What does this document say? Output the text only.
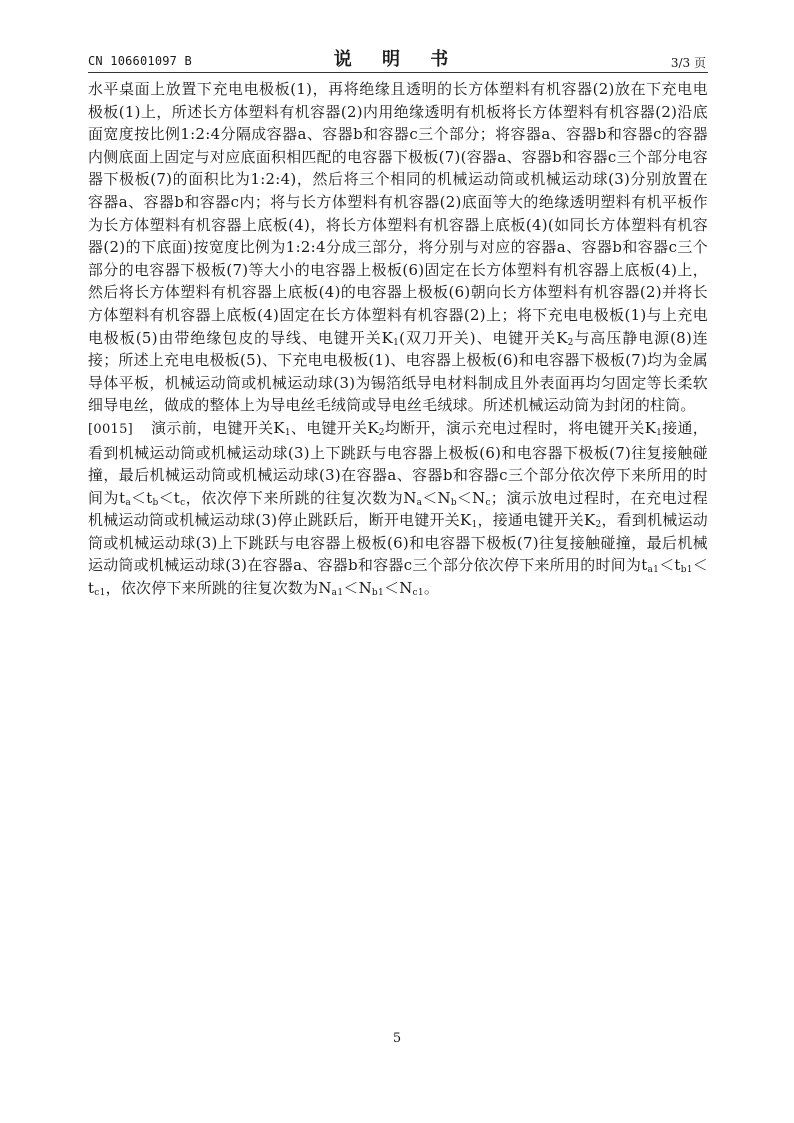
CN 106601097 B	说 明 书	3/3 页

水平桌面上放置下充电电极板(1)，再将绝缘且透明的长方体塑料有机容器(2)放在下充电电极板(1)上，所述长方体塑料有机容器(2)内用绝缘透明有机板将长方体塑料有机容器(2)沿底面宽度按比例1:2:4分隔成容器a、容器b和容器c三个部分；将容器a、容器b和容器c的容器内侧底面上固定与对应底面积相匹配的电容器下极板(7)(容器a、容器b和容器c三个部分电容器下极板(7)的面积比为1:2:4)，然后将三个相同的机械运动筒或机械运动球(3)分别放置在容器a、容器b和容器c内；将与长方体塑料有机容器(2)底面等大的绝缘透明塑料有机平板作为长方体塑料有机容器上底板(4)，将长方体塑料有机容器上底板(4)(如同长方体塑料有机容器(2)的下底面)按宽度比例为1:2:4分成三部分，将分别与对应的容器a、容器b和容器c三个部分的电容器下极板(7)等大小的电容器上极板(6)固定在长方体塑料有机容器上底板(4)上，然后将长方体塑料有机容器上底板(4)的电容器上极板(6)朝向长方体塑料有机容器(2)并将长方体塑料有机容器上底板(4)固定在长方体塑料有机容器(2)上；将下充电电极板(1)与上充电电极板(5)由带绝缘包皮的导线、电键开关$K_1$(双刀开关)、电键开关$K_2$与高压静电源(8)连接；所述上充电电极板(5)、下充电电极板(1)、电容器上极板(6)和电容器下极板(7)均为金属导体平板，机械运动筒或机械运动球(3)为锡箔纸导电材料制成且外表面再均匀固定等长柔软细导电丝，做成的整体上为导电丝毛绒筒或导电丝毛绒球。所述机械运动筒为封闭的柱筒。

[0015] 演示前，电键开关$K_1$、电键开关$K_2$均断开，演示充电过程时，将电键开关$K_1$接通，看到机械运动筒或机械运动球(3)上下跳跃与电容器上极板(6)和电容器下极板(7)往复接触碰撞，最后机械运动筒或机械运动球(3)在容器a、容器b和容器c三个部分依次停下来所用的时间为$t_a<t_b<t_c$，依次停下来所跳的往复次数为$N_a<N_b<N_c$；演示放电过程时，在充电过程机械运动筒或机械运动球(3)停止跳跃后，断开电键开关$K_1$，接通电键开关$K_2$，看到机械运动筒或机械运动球(3)上下跳跃与电容器上极板(6)和电容器下极板(7)往复接触碰撞，最后机械运动筒或机械运动球(3)在容器a、容器b和容器c三个部分依次停下来所用的时间为$t_{a1}<t_{b1}<t_{c1}$，依次停下来所跳的往复次数为$N_{a1}<N_{b1}<N_{c1}$。

5
